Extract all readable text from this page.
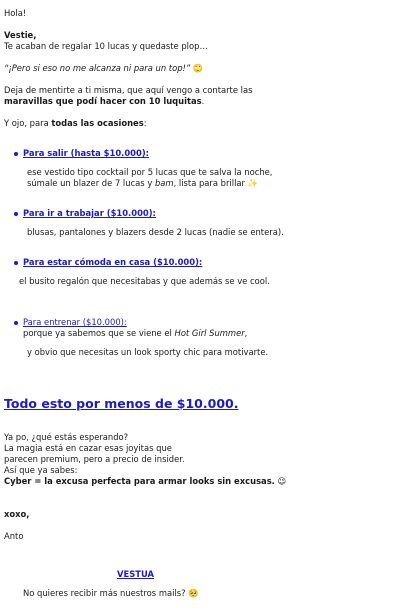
Hola!

Vestie,

Te acaban de regalar 10 lucas y quedaste plop…

“¡Pero si eso no me alcanza ni para un top!” 🙄

Deja de mentirte a ti misma, que aquí vengo a contarte las

maravillas que podí hacer con 10 luquitas.

Y ojo, para todas las ocasiones:

Para salir (hasta $10.000):

ese vestido tipo cocktail por 5 lucas que te salva la noche,

súmale un blazer de 7 lucas y bam, lista para brillar ✨

Para ir a trabajar ($10.000):

blusas, pantalones y blazers desde 2 lucas (nadie se entera).

Para estar cómoda en casa ($10.000):

el busito regalón que necesitabas y que además se ve cool.

Para entrenar ($10.000):

porque ya sabemos que se viene el Hot Girl Summer,

y obvio que necesitas un look sporty chic para motivarte.

Todo esto por menos de $10.000.

Ya po, ¿qué estás esperando?

La magia está en cazar esas joyitas que

parecen premium, pero a precio de insider.

Así que ya sabes:

Cyber = la excusa perfecta para armar looks sin excusas. 😉

xoxo,

Anto

VESTUA

No quieres recibir más nuestros mails? 🥺
